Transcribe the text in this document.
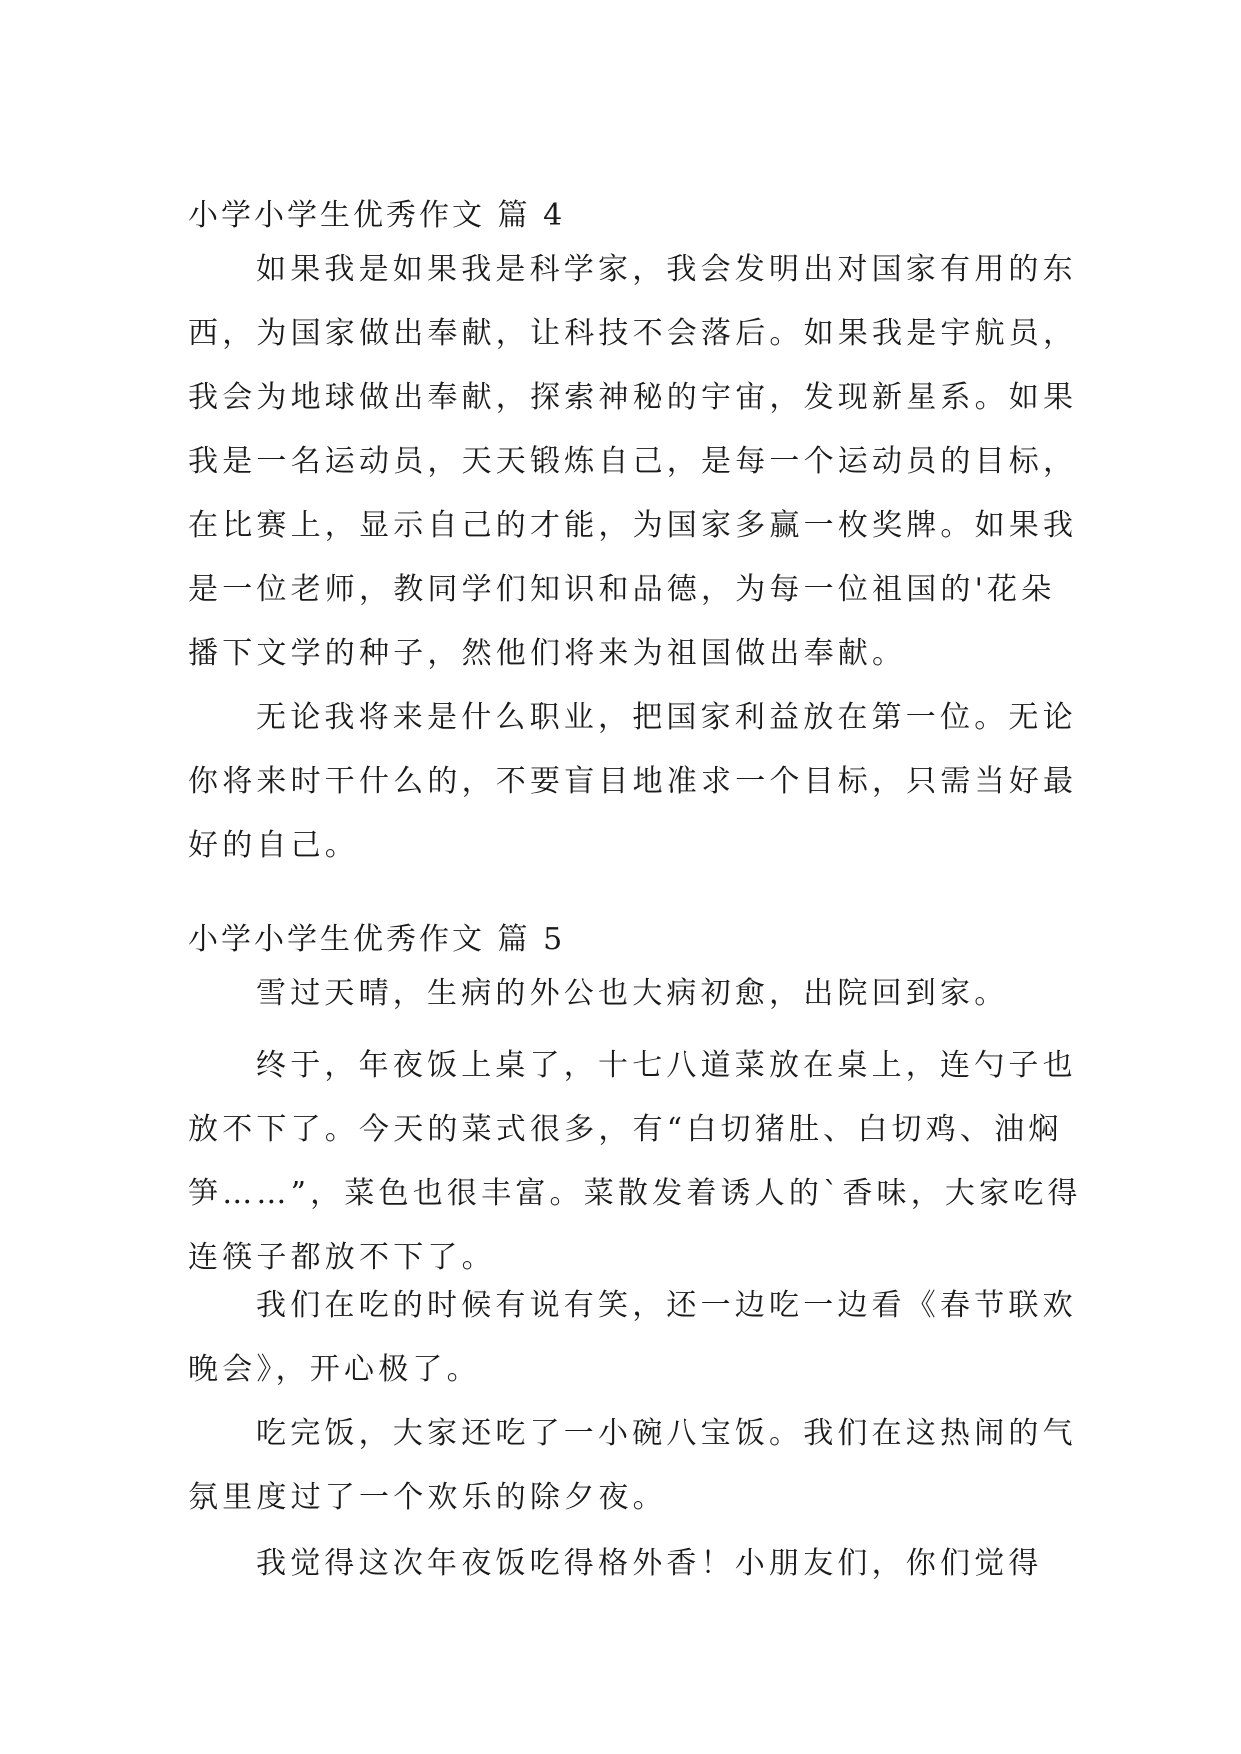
小学小学生优秀作文 篇 4
如果我是如果我是科学家，我会发明出对国家有用的东
西，为国家做出奉献，让科技不会落后。如果我是宇航员，
我会为地球做出奉献，探索神秘的宇宙，发现新星系。如果
我是一名运动员，天天锻炼自己，是每一个运动员的目标，
在比赛上，显示自己的才能，为国家多赢一枚奖牌。如果我
是一位老师，教同学们知识和品德，为每一位祖国的'花朵
播下文学的种子，然他们将来为祖国做出奉献。
无论我将来是什么职业，把国家利益放在第一位。无论
你将来时干什么的，不要盲目地准求一个目标，只需当好最
好的自己。
小学小学生优秀作文 篇 5
雪过天晴，生病的外公也大病初愈，出院回到家。
终于，年夜饭上桌了，十七八道菜放在桌上，连勺子也
放不下了。今天的菜式很多，有“白切猪肚、白切鸡、油焖
笋……”，菜色也很丰富。菜散发着诱人的`香味，大家吃得
连筷子都放不下了。
我们在吃的时候有说有笑，还一边吃一边看《春节联欢
晚会》，开心极了。
吃完饭，大家还吃了一小碗八宝饭。我们在这热闹的气
氛里度过了一个欢乐的除夕夜。
我觉得这次年夜饭吃得格外香！小朋友们，你们觉得
